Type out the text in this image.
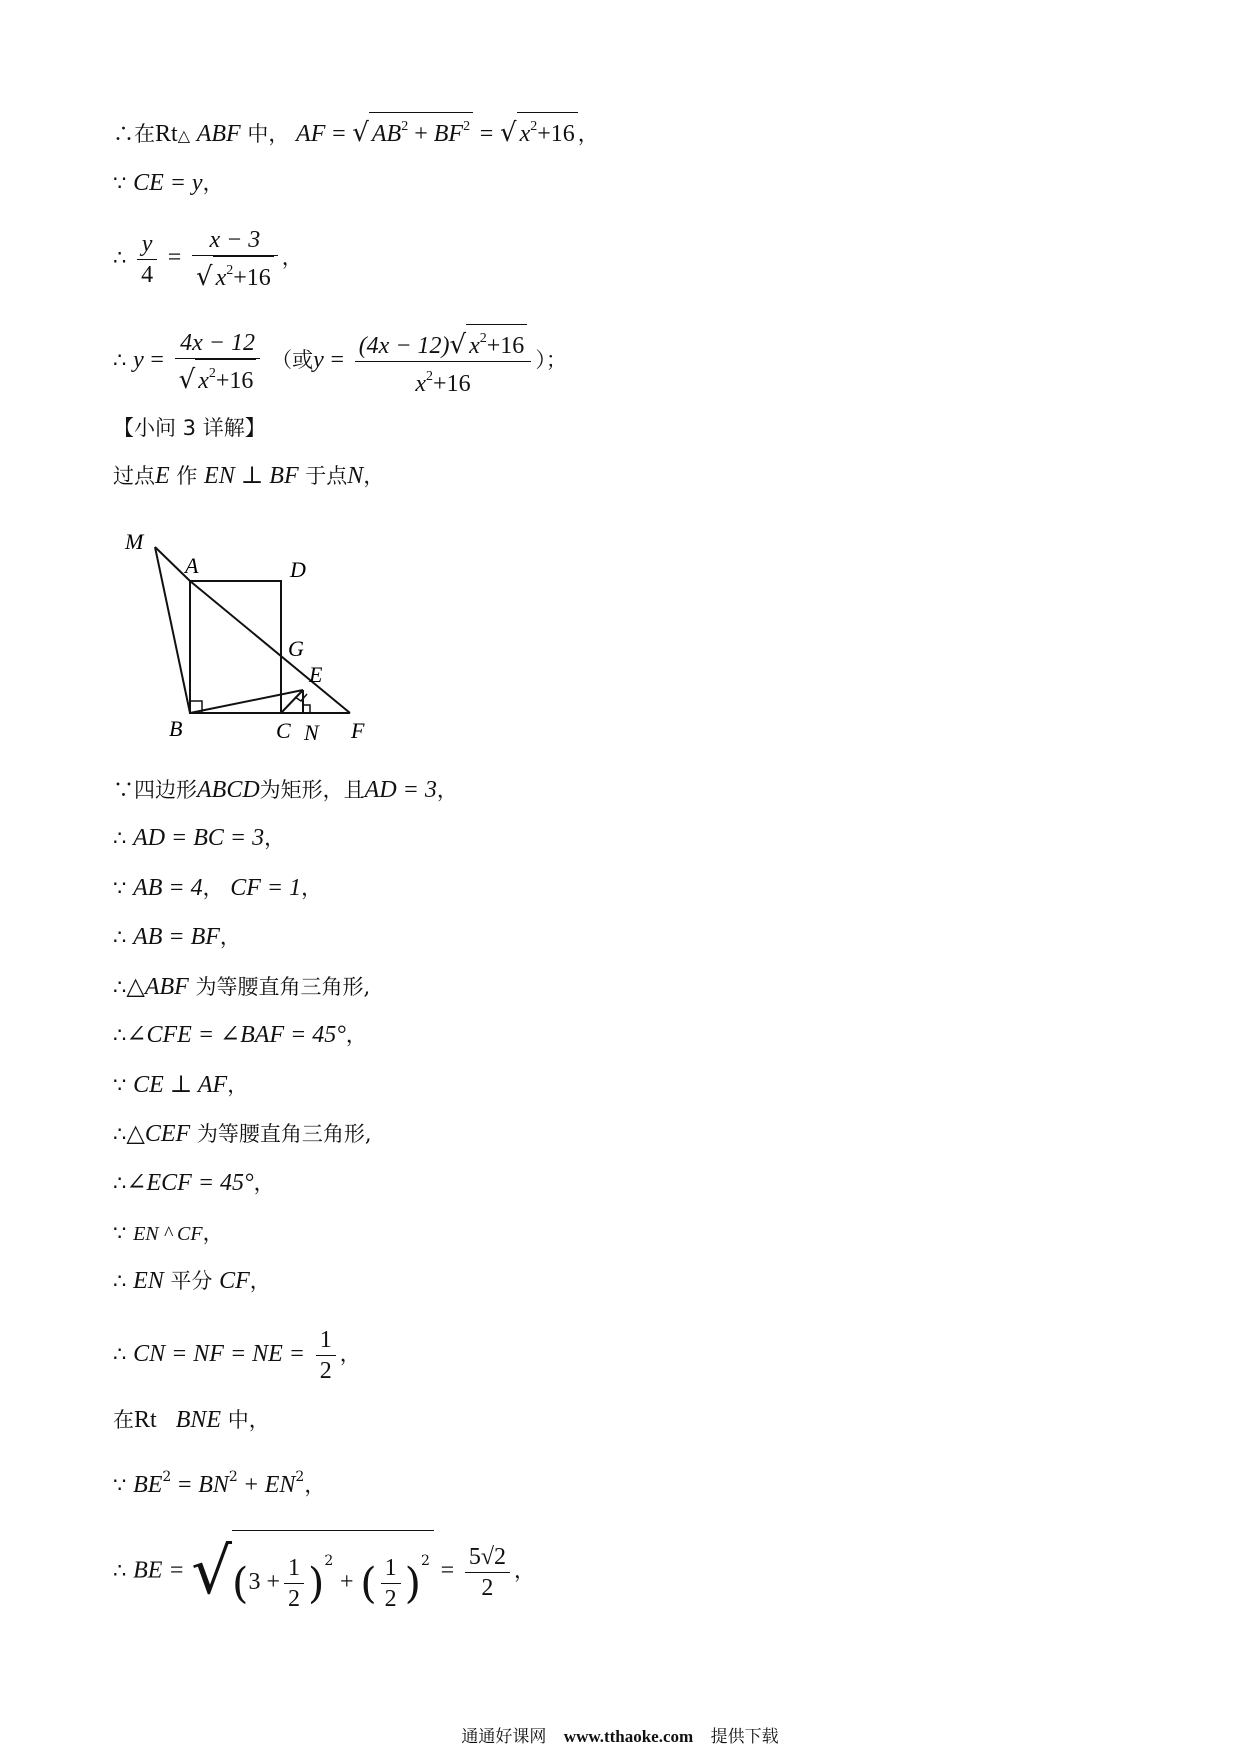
∴在Rt△ ABF 中， AF = √ $AB^2 + BF^2$ = √ $x^2+16$ ，
∵ CE = y，
∴ $\frac{y}{4} = \frac{x - 3}{√ x^2+16}$ ，
∴ $y = \frac{4x - 12}{√ x^2+16}$ （或$y = \frac{(4x - 12)√ x^2+16}{x^2+16}$ ）；
【小问 3 详解】
过点E 作 EN ⊥ BF 于点N，
M
A	D
G
E
B	C N F
∵四边形ABCD为矩形，且AD = 3，
∴ AD = BC = 3，
∵ AB = 4， CF = 1，
∴ AB = BF，
∴△ABF 为等腰直角三角形,
∴∠CFE = ∠BAF = 45°，
∵ CE ⊥ AF，
∴△CEF 为等腰直角三角形,
∴∠ECF = 45°，
∵ EN ^ CF，
∴ EN 平分 CF，
∴ CN = NF = NE = $\frac{1}{2}$ ，
在Rt △BNE 中，
∵ $BE^2 = BN^2 + EN^2$，
∴ BE = $√(3 + \frac{1}{2} )^2$ + ( $\frac{1}{2} )^2 = \frac{5√2}{2}$ ，
通通好课网 www.tthaoke.com 提供下载
